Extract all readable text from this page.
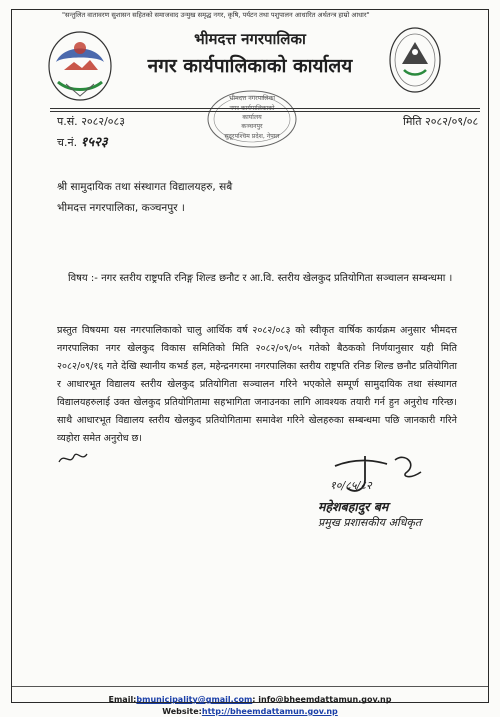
"सन्तुलित वातावरण सुशासन सहितको समाजवाद उन्मुख समृद्ध नगर, कृषि, पर्यटन तथा पशुपालन आधारित अर्थतन्त्र हाम्रो आधार"
भीमदत्त नगरपालिका
नगर कार्यपालिकाको कार्यालय
भीमदत्त नगरपालिका
नगर कार्यपालिकाको
कार्यालय
कञ्चनपुर
सुदूरपश्चिम प्रदेश, नेपाल
प.सं. २०८२/०८३
च.नं. १५२३
मिति २०८२/०९/०८
श्री सामुदायिक तथा संस्थागत विद्यालयहरु, सबै
भीमदत्त नगरपालिका, कञ्चनपुर ।
विषय :- नगर स्तरीय राष्ट्रपति रनिङ्ग शिल्ड छनौट र आ.वि. स्तरीय खेलकुद प्रतियोगिता सञ्चालन सम्बन्धमा ।

प्रस्तुत विषयमा यस नगरपालिकाको चालु आर्थिक वर्ष २०८२/०८३ को स्वीकृत वार्षिक कार्यक्रम अनुसार भीमदत्त नगरपालिका नगर खेलकुद विकास समितिको मिति २०८२/०९/०५ गतेको बैठकको निर्णयानुसार यही मिति २०८२/०९/१६ गते देखि स्थानीय कभर्ड हल, महेन्द्रनगरमा नगरपालिका स्तरीय राष्ट्रपति रनिङ शिल्ड छनौट प्रतियोगिता र आधारभूत विद्यालय स्तरीय खेलकुद प्रतियोगिता सञ्चालन गरिने भएकोले सम्पूर्ण सामुदायिक तथा संस्थागत विद्यालयहरुलाई उक्त खेलकुद प्रतियोगितामा सहभागिता जनाउनका लागि आवश्यक तयारी गर्न हुन अनुरोध गरिन्छ। साथै आधारभूत विद्यालय स्तरीय खेलकुद प्रतियोगितामा समावेश गरिने खेलहरुका सम्बन्धमा पछि जानकारी गरिने व्यहोरा समेत अनुरोध छ।

१०/८५/८२
महेशबहादुर बम
प्रमुख प्रशासकीय अधिकृत
Email:bmunicipality@gmail.com; info@bheemdattamun.gov.np
Website:http://bheemdattamun.gov.np
